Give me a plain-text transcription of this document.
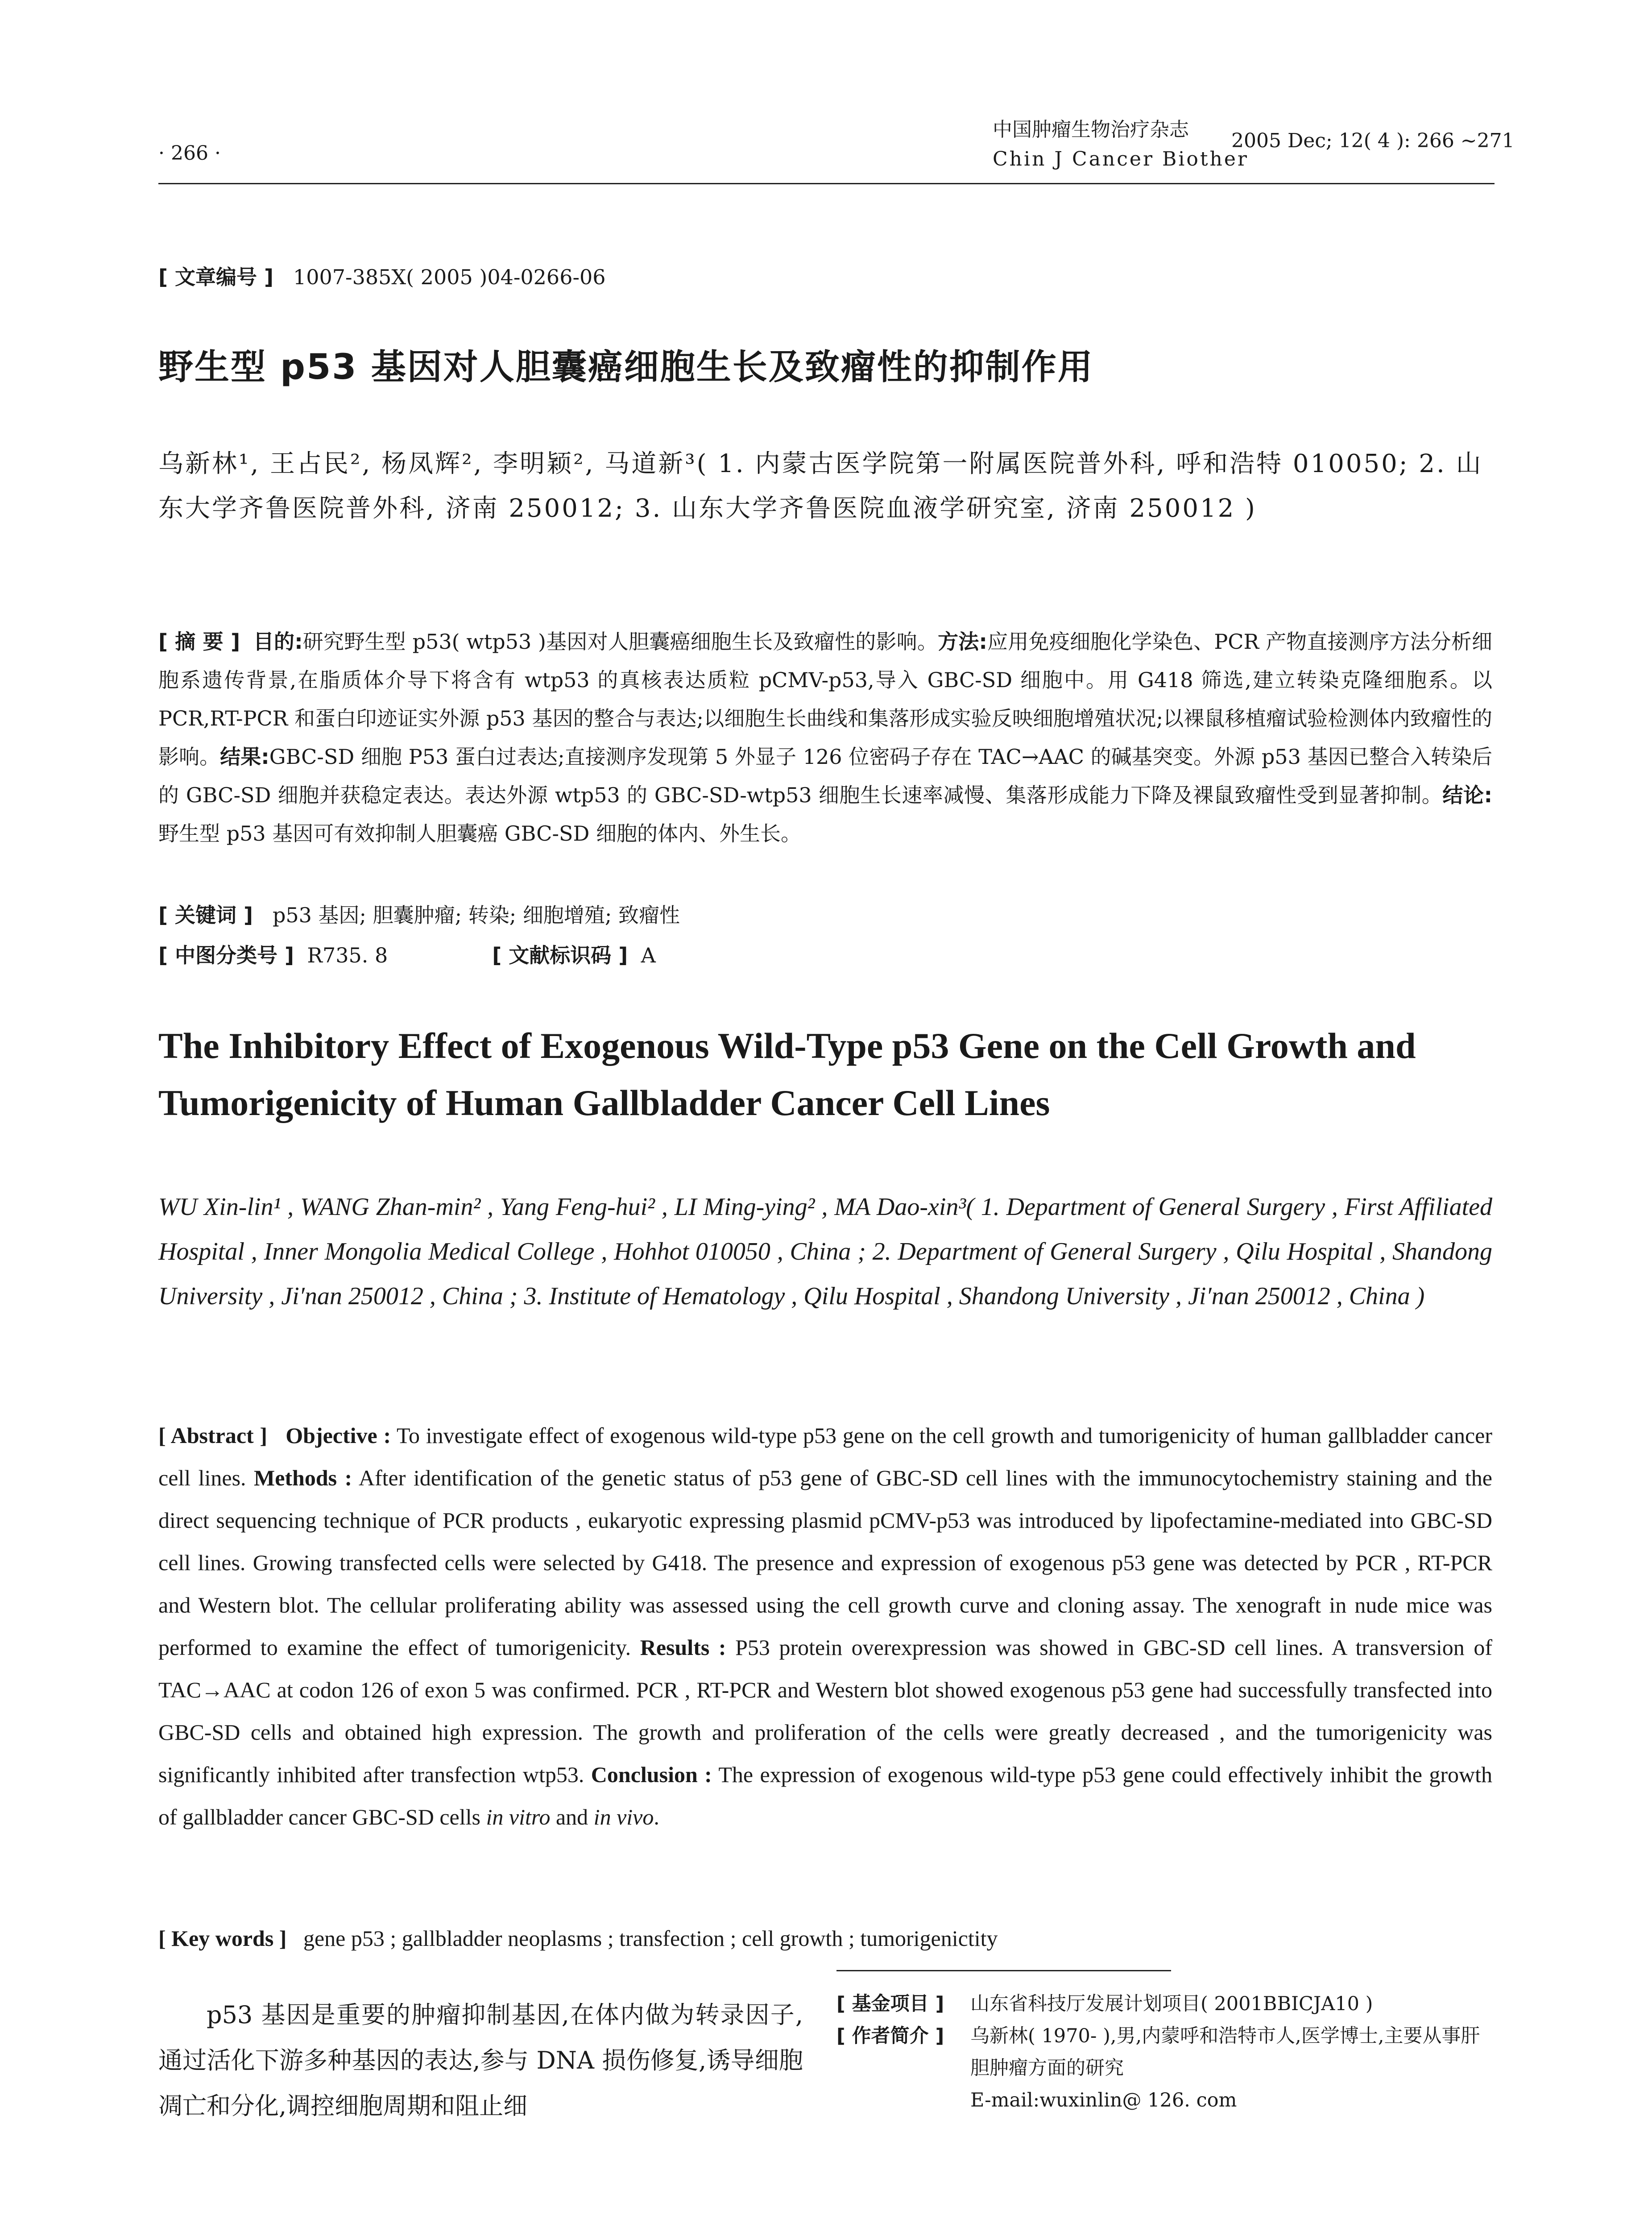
· 266 ·
中国肿瘤生物治疗杂志
Chin J Cancer Biother
2005 Dec; 12( 4 ): 266 ~271
[ 文章编号 ] 1007-385X( 2005 )04-0266-06
野生型 p53 基因对人胆囊癌细胞生长及致瘤性的抑制作用
乌新林¹, 王占民², 杨凤辉², 李明颖², 马道新³( 1. 内蒙古医学院第一附属医院普外科, 呼和浩特 010050; 2. 山东大学齐鲁医院普外科, 济南 250012; 3. 山东大学齐鲁医院血液学研究室, 济南 250012 )
[ 摘 要 ] 目的:研究野生型 p53( wtp53 )基因对人胆囊癌细胞生长及致瘤性的影响。方法:应用免疫细胞化学染色、PCR 产物直接测序方法分析细胞系遗传背景,在脂质体介导下将含有 wtp53 的真核表达质粒 pCMV-p53,导入 GBC-SD 细胞中。用 G418 筛选,建立转染克隆细胞系。以 PCR,RT-PCR 和蛋白印迹证实外源 p53 基因的整合与表达;以细胞生长曲线和集落形成实验反映细胞增殖状况;以裸鼠移植瘤试验检测体内致瘤性的影响。结果:GBC-SD 细胞 P53 蛋白过表达;直接测序发现第 5 外显子 126 位密码子存在 TAC→AAC 的碱基突变。外源 p53 基因已整合入转染后的 GBC-SD 细胞并获稳定表达。表达外源 wtp53 的 GBC-SD-wtp53 细胞生长速率减慢、集落形成能力下降及裸鼠致瘤性受到显著抑制。结论:野生型 p53 基因可有效抑制人胆囊癌 GBC-SD 细胞的体内、外生长。
[ 关键词 ] p53 基因; 胆囊肿瘤; 转染; 细胞增殖; 致瘤性
[ 中图分类号 ] R735. 8	[ 文献标识码 ] A
The Inhibitory Effect of Exogenous Wild-Type p53 Gene on the Cell Growth and Tumorigenicity of Human Gallbladder Cancer Cell Lines
WU Xin-lin¹ , WANG Zhan-min² , Yang Feng-hui² , LI Ming-ying² , MA Dao-xin³( 1. Department of General Surgery , First Affiliated Hospital , Inner Mongolia Medical College , Hohhot 010050 , China ; 2. Department of General Surgery , Qilu Hospital , Shandong University , Ji′nan 250012 , China ; 3. Institute of Hematology , Qilu Hospital , Shandong University , Ji′nan 250012 , China )
[ Abstract ] Objective : To investigate effect of exogenous wild-type p53 gene on the cell growth and tumorigenicity of human gallbladder cancer cell lines. Methods : After identification of the genetic status of p53 gene of GBC-SD cell lines with the immunocytochemistry staining and the direct sequencing technique of PCR products , eukaryotic expressing plasmid pCMV-p53 was introduced by lipofectamine-mediated into GBC-SD cell lines. Growing transfected cells were selected by G418. The presence and expression of exogenous p53 gene was detected by PCR , RT-PCR and Western blot. The cellular proliferating ability was assessed using the cell growth curve and cloning assay. The xenograft in nude mice was performed to examine the effect of tumorigenicity. Results : P53 protein overexpression was showed in GBC-SD cell lines. A transversion of TAC→AAC at codon 126 of exon 5 was confirmed. PCR , RT-PCR and Western blot showed exogenous p53 gene had successfully transfected into GBC-SD cells and obtained high expression. The growth and proliferation of the cells were greatly decreased , and the tumorigenicity was significantly inhibited after transfection wtp53. Conclusion : The expression of exogenous wild-type p53 gene could effectively inhibit the growth of gallbladder cancer GBC-SD cells in vitro and in vivo.
[ Key words ] gene p53 ; gallbladder neoplasms ; transfection ; cell growth ; tumorigenictity

p53 基因是重要的肿瘤抑制基因,在体内做为转录因子,通过活化下游多种基因的表达,参与 DNA 损伤修复,诱导细胞凋亡和分化,调控细胞周期和阻止细

[ 基金项目 ]	山东省科技厅发展计划项目( 2001BBICJA10 )
[ 作者简介 ]	乌新林( 1970- ),男,内蒙呼和浩特市人,医学博士,主要从事肝胆肿瘤方面的研究
E-mail:wuxinlin@ 126. com
